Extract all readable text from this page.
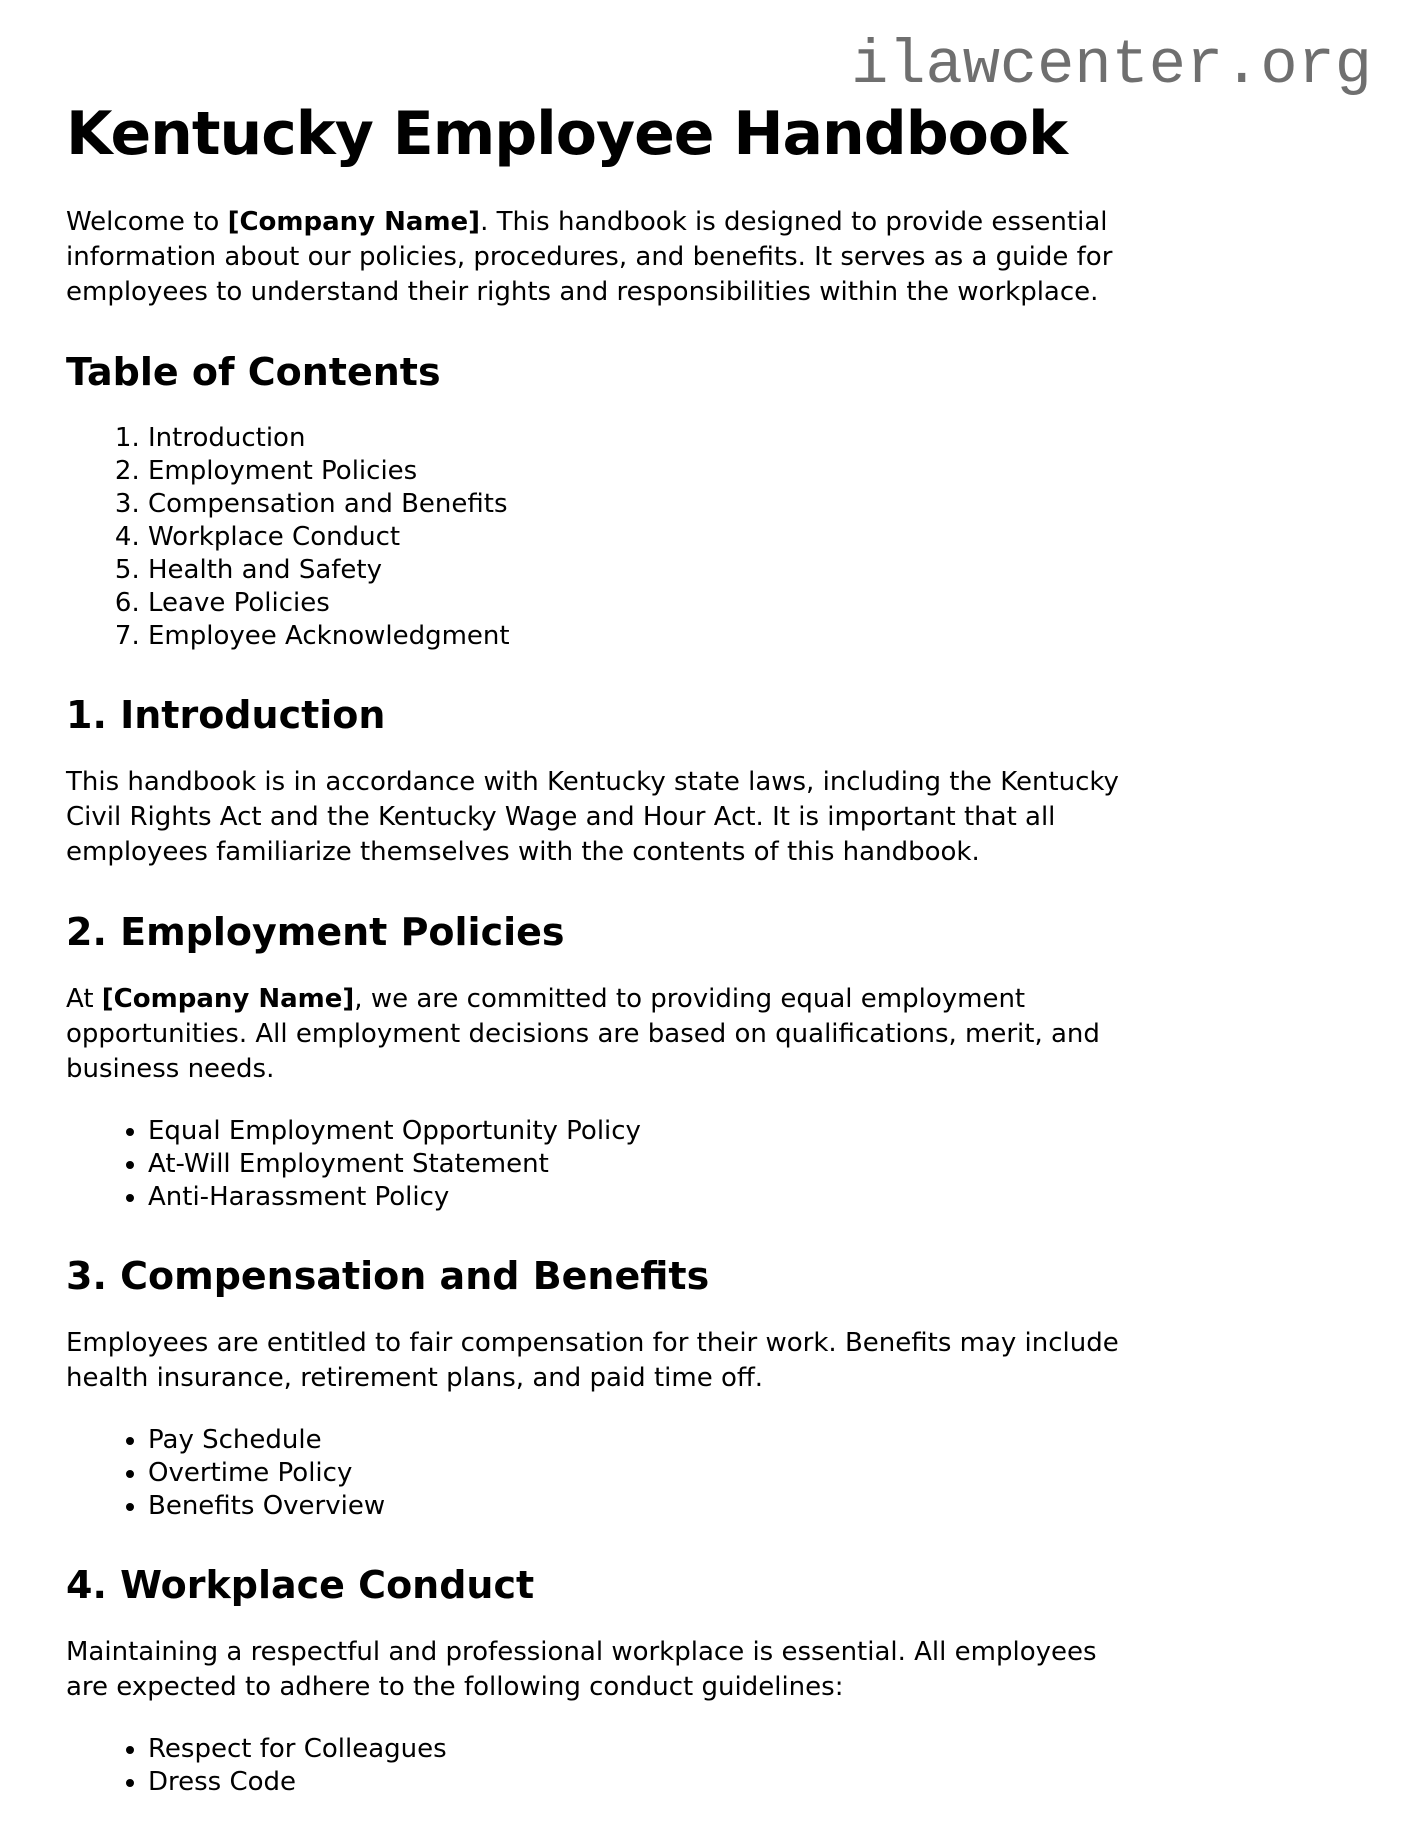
ilawcenter.org
Kentucky Employee Handbook

Welcome to [Company Name]. This handbook is designed to provide essential information about our policies, procedures, and benefits. It serves as a guide for employees to understand their rights and responsibilities within the workplace.

Table of Contents
1. Introduction
2. Employment Policies
3. Compensation and Benefits
4. Workplace Conduct
5. Health and Safety
6. Leave Policies
7. Employee Acknowledgment
1. Introduction

This handbook is in accordance with Kentucky state laws, including the Kentucky Civil Rights Act and the Kentucky Wage and Hour Act. It is important that all employees familiarize themselves with the contents of this handbook.

2. Employment Policies

At [Company Name], we are committed to providing equal employment opportunities. All employment decisions are based on qualifications, merit, and business needs.

• Equal Employment Opportunity Policy
• At-Will Employment Statement
• Anti-Harassment Policy
3. Compensation and Benefits

Employees are entitled to fair compensation for their work. Benefits may include health insurance, retirement plans, and paid time off.

• Pay Schedule
• Overtime Policy
• Benefits Overview
4. Workplace Conduct

Maintaining a respectful and professional workplace is essential. All employees are expected to adhere to the following conduct guidelines:

• Respect for Colleagues
• Dress Code
